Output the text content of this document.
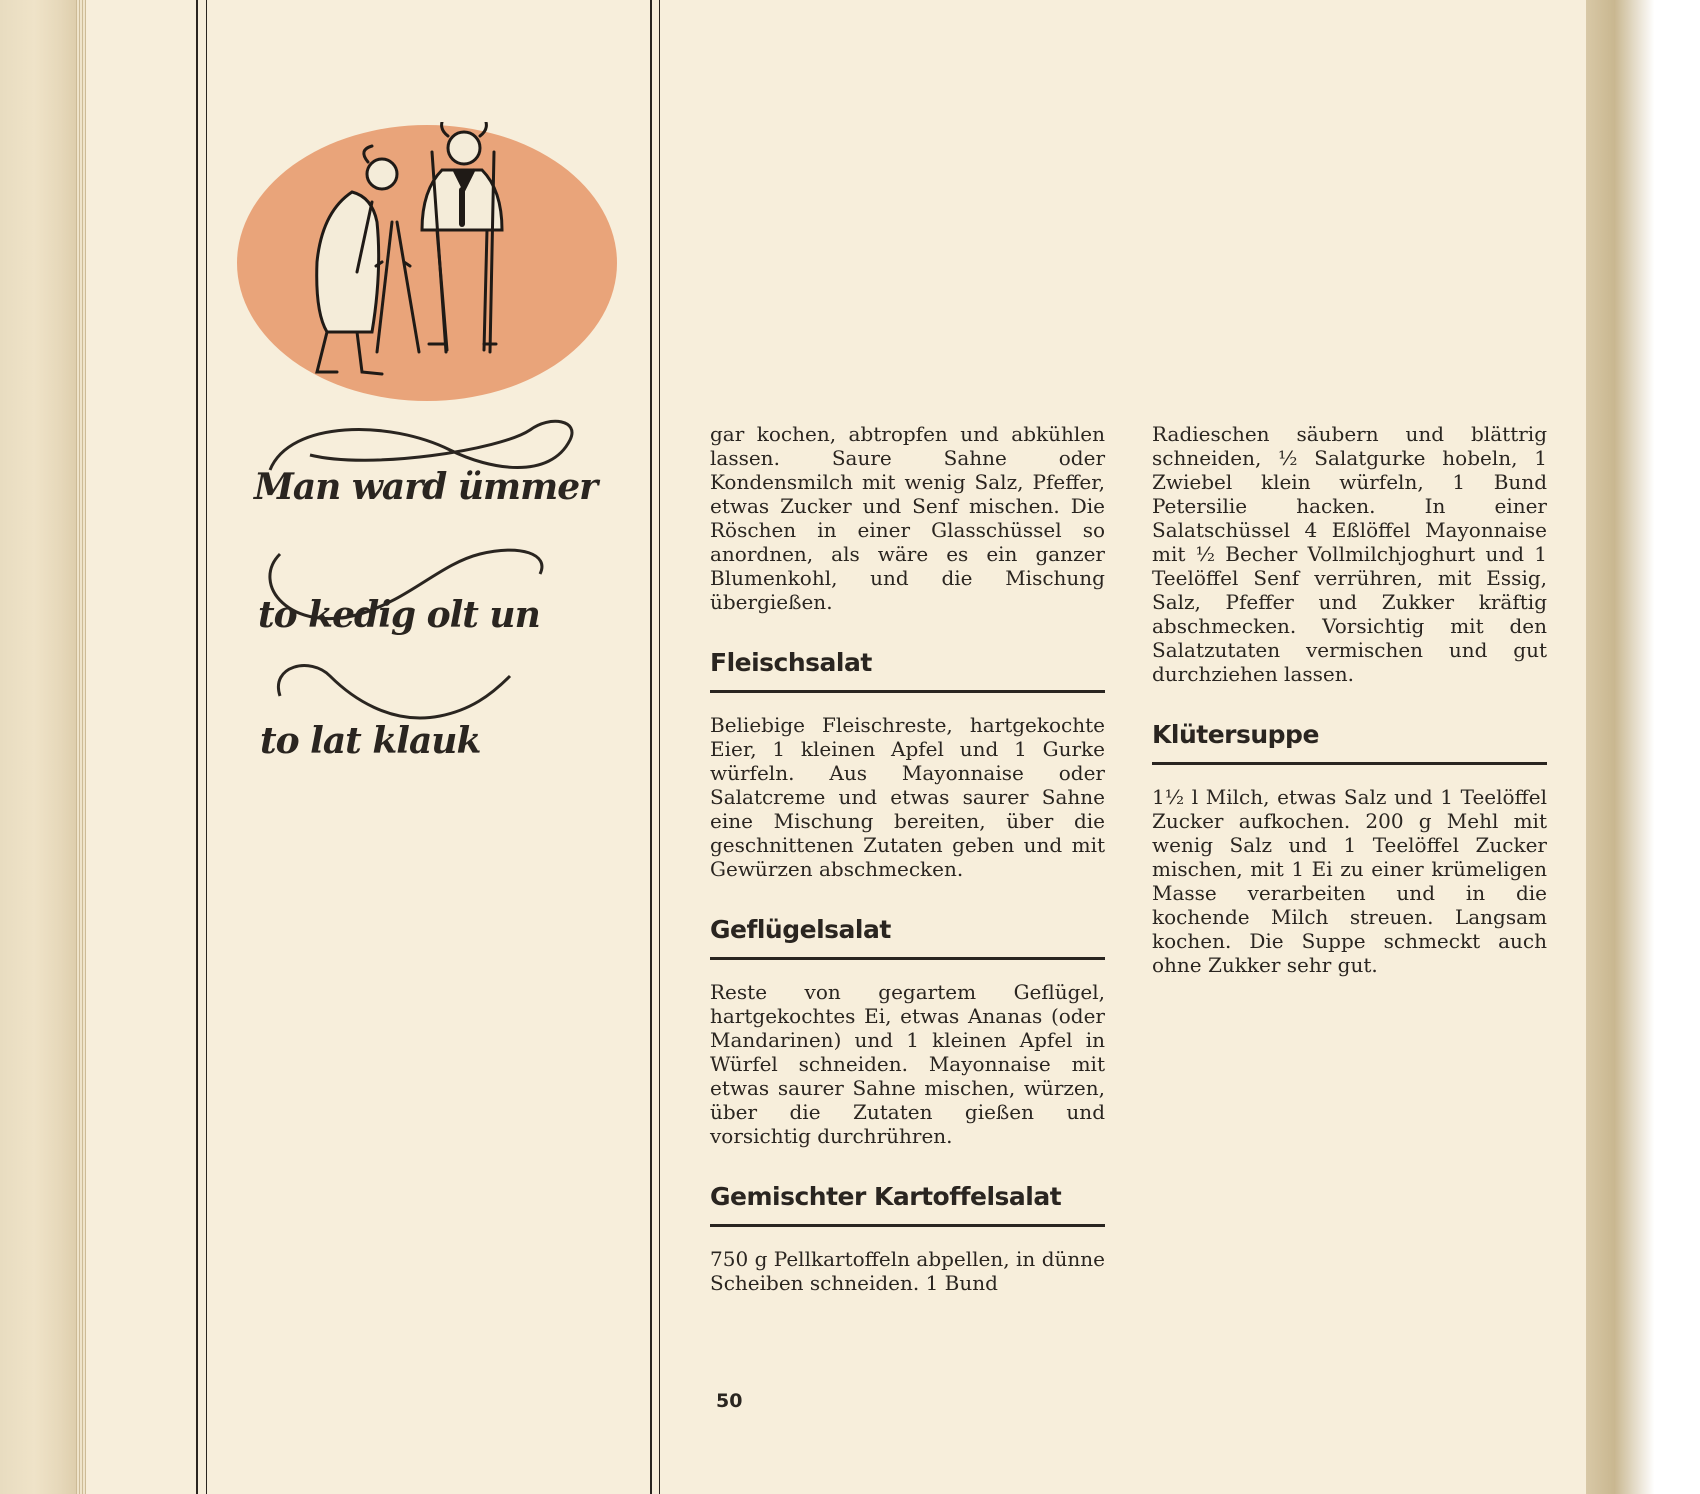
Man ward ümmer
to kedig olt un
to lat klauk

gar kochen, abtropfen und abkühlen lassen. Saure Sahne oder Kondensmilch mit wenig Salz, Pfeffer, etwas Zucker und Senf mischen. Die Röschen in einer Glasschüssel so anordnen, als wäre es ein ganzer Blumenkohl, und die Mischung übergießen.

Fleischsalat

Beliebige Fleischreste, hartgekochte Eier, 1 kleinen Apfel und 1 Gurke würfeln. Aus Mayonnaise oder Salatcreme und etwas saurer Sahne eine Mischung bereiten, über die geschnittenen Zutaten geben und mit Gewürzen abschmecken.

Geflügelsalat

Reste von gegartem Geflügel, hartgekochtes Ei, etwas Ananas (oder Mandarinen) und 1 kleinen Apfel in Würfel schneiden. Mayonnaise mit etwas saurer Sahne mischen, würzen, über die Zutaten gießen und vorsichtig durchrühren.

Gemischter Kartoffelsalat

750 g Pellkartoffeln abpellen, in dünne Scheiben schneiden. 1 Bund

Radieschen säubern und blättrig schneiden, ½ Salatgurke hobeln, 1 Zwiebel klein würfeln, 1 Bund Petersilie hacken. In einer Salatschüssel 4 Eßlöffel Mayonnaise mit ½ Becher Vollmilchjoghurt und 1 Teelöffel Senf verrühren, mit Essig, Salz, Pfeffer und Zukker kräftig abschmecken. Vorsichtig mit den Salatzutaten vermischen und gut durchziehen lassen.

Klütersuppe

1½ l Milch, etwas Salz und 1 Teelöffel Zucker aufkochen. 200 g Mehl mit wenig Salz und 1 Teelöffel Zucker mischen, mit 1 Ei zu einer krümeligen Masse verarbeiten und in die kochende Milch streuen. Langsam kochen. Die Suppe schmeckt auch ohne Zukker sehr gut.

50
